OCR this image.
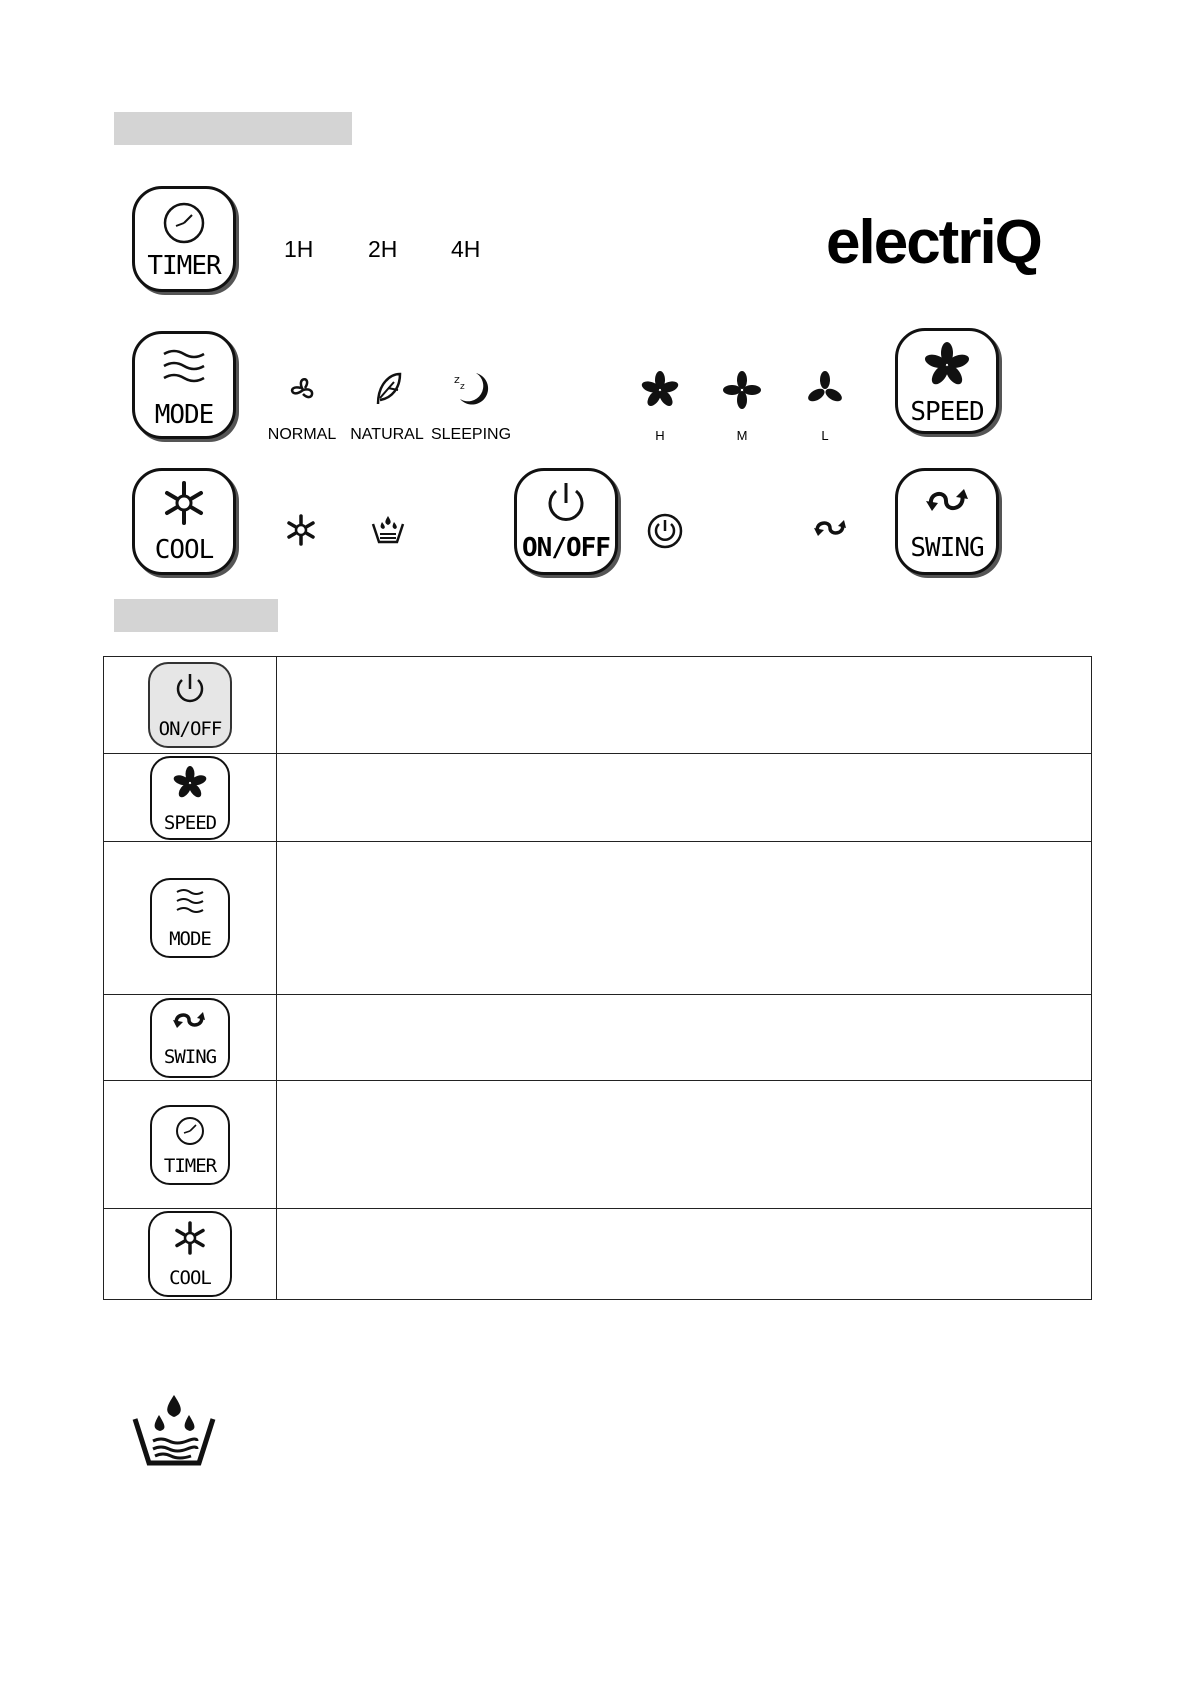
TIMER
1H 2H 4H	electriQ
MODE
z
z
NORMAL NATURAL SLEEPING	H	M	L
SPEED
COOL	ON/OFF	SWING
ON/OFF	

SPEED	

MODE	

SWING	

TIMER	

COOL	
